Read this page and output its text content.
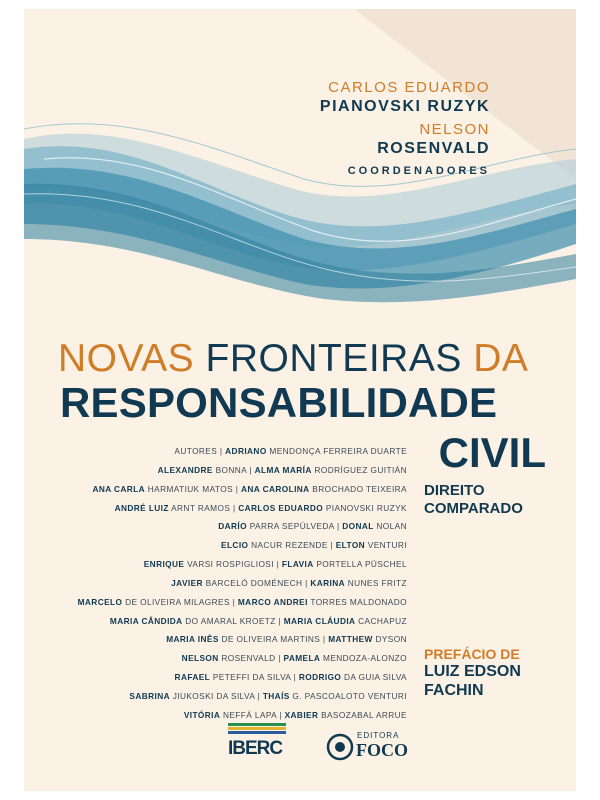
CARLOS EDUARDO
PIANOVSKI RUZYK
NELSON
ROSENVALD
COORDENADORES
NOVAS FRONTEIRAS DA
RESPONSABILIDADE
CIVIL
DIREITO
COMPARADO
AUTORES | ADRIANO MENDONÇA FERREIRA DUARTE
ALEXANDRE BONNA | ALMA MARÍA RODRÍGUEZ GUITIÁN
ANA CARLA HARMATIUK MATOS | ANA CAROLINA BROCHADO TEIXEIRA
ANDRÉ LUIZ ARNT RAMOS | CARLOS EDUARDO PIANOVSKI RUZYK
DARÍO PARRA SEPÚLVEDA | DONAL NOLAN
ELCIO NACUR REZENDE | ELTON VENTURI
ENRIQUE VARSI ROSPIGLIOSI | FLAVIA PORTELLA PÜSCHEL
JAVIER BARCELÓ DOMÉNECH | KARINA NUNES FRITZ
MARCELO DE OLIVEIRA MILAGRES | MARCO ANDREI TORRES MALDONADO
MARIA CÂNDIDA DO AMARAL KROETZ | MARIA CLÁUDIA CACHAPUZ
MARIA INÊS DE OLIVEIRA MARTINS | MATTHEW DYSON
NELSON ROSENVALD | PAMELA MENDOZA-ALONZO
RAFAEL PETEFFI DA SILVA | RODRIGO DA GUIA SILVA
SABRINA JIUKOSKI DA SILVA | THAÍS G. PASCOALOTO VENTURI
VITÓRIA NEFFÁ LAPA | XABIER BASOZABAL ARRUE
PREFÁCIO DE
LUIZ EDSON
FACHIN
IBERC
EDITORA
FOCO
